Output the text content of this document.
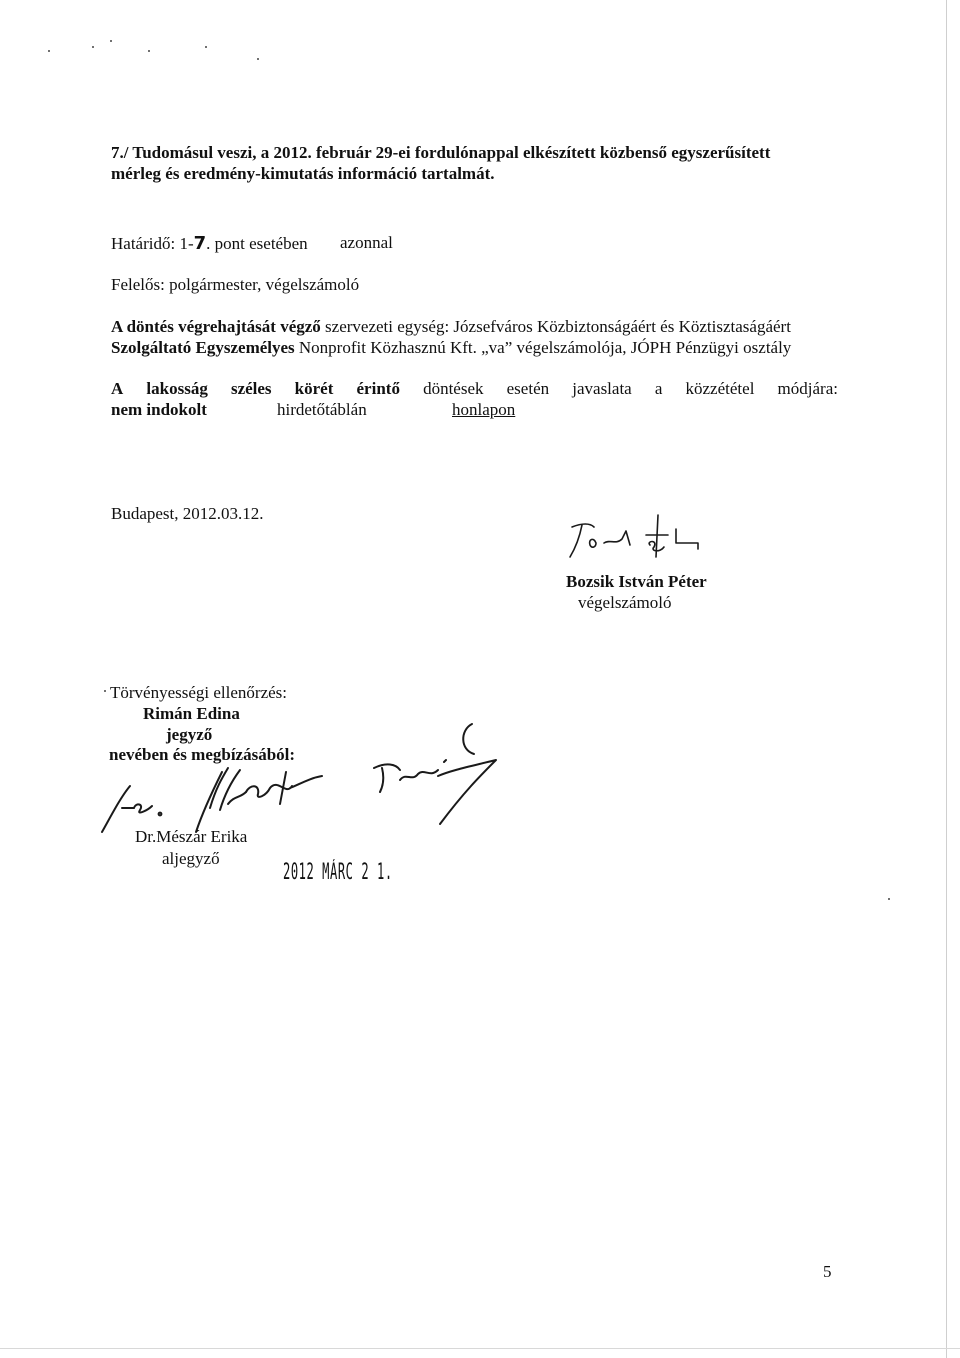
7./ Tudomásul veszi, a 2012. február 29-ei fordulónappal elkészített közbenső egyszerűsített
mérleg és eredmény-kimutatás információ tartalmát.
Határidő: 1-7. pont esetében azonnal
Felelős: polgármester, végelszámoló
A döntés végrehajtását végző szervezeti egység: Józsefváros Közbiztonságáért és Köztisztaságáért
Szolgáltató Egyszemélyes Nonprofit Közhasznú Kft. „va” végelszámolója, JÓPH Pénzügyi osztály
A lakosság széles körét érintő döntések esetén javaslata a közzététel módjára:
nem indokolt	hirdetőtáblán	honlapon
Budapest, 2012.03.12.
Bozsik István Péter
végelszámoló
Törvényességi ellenőrzés:
Rimán Edina
jegyző
nevében és megbízásából:
Dr.Mészár Erika
aljegyző
2012 MÁRC 2 1.
5
